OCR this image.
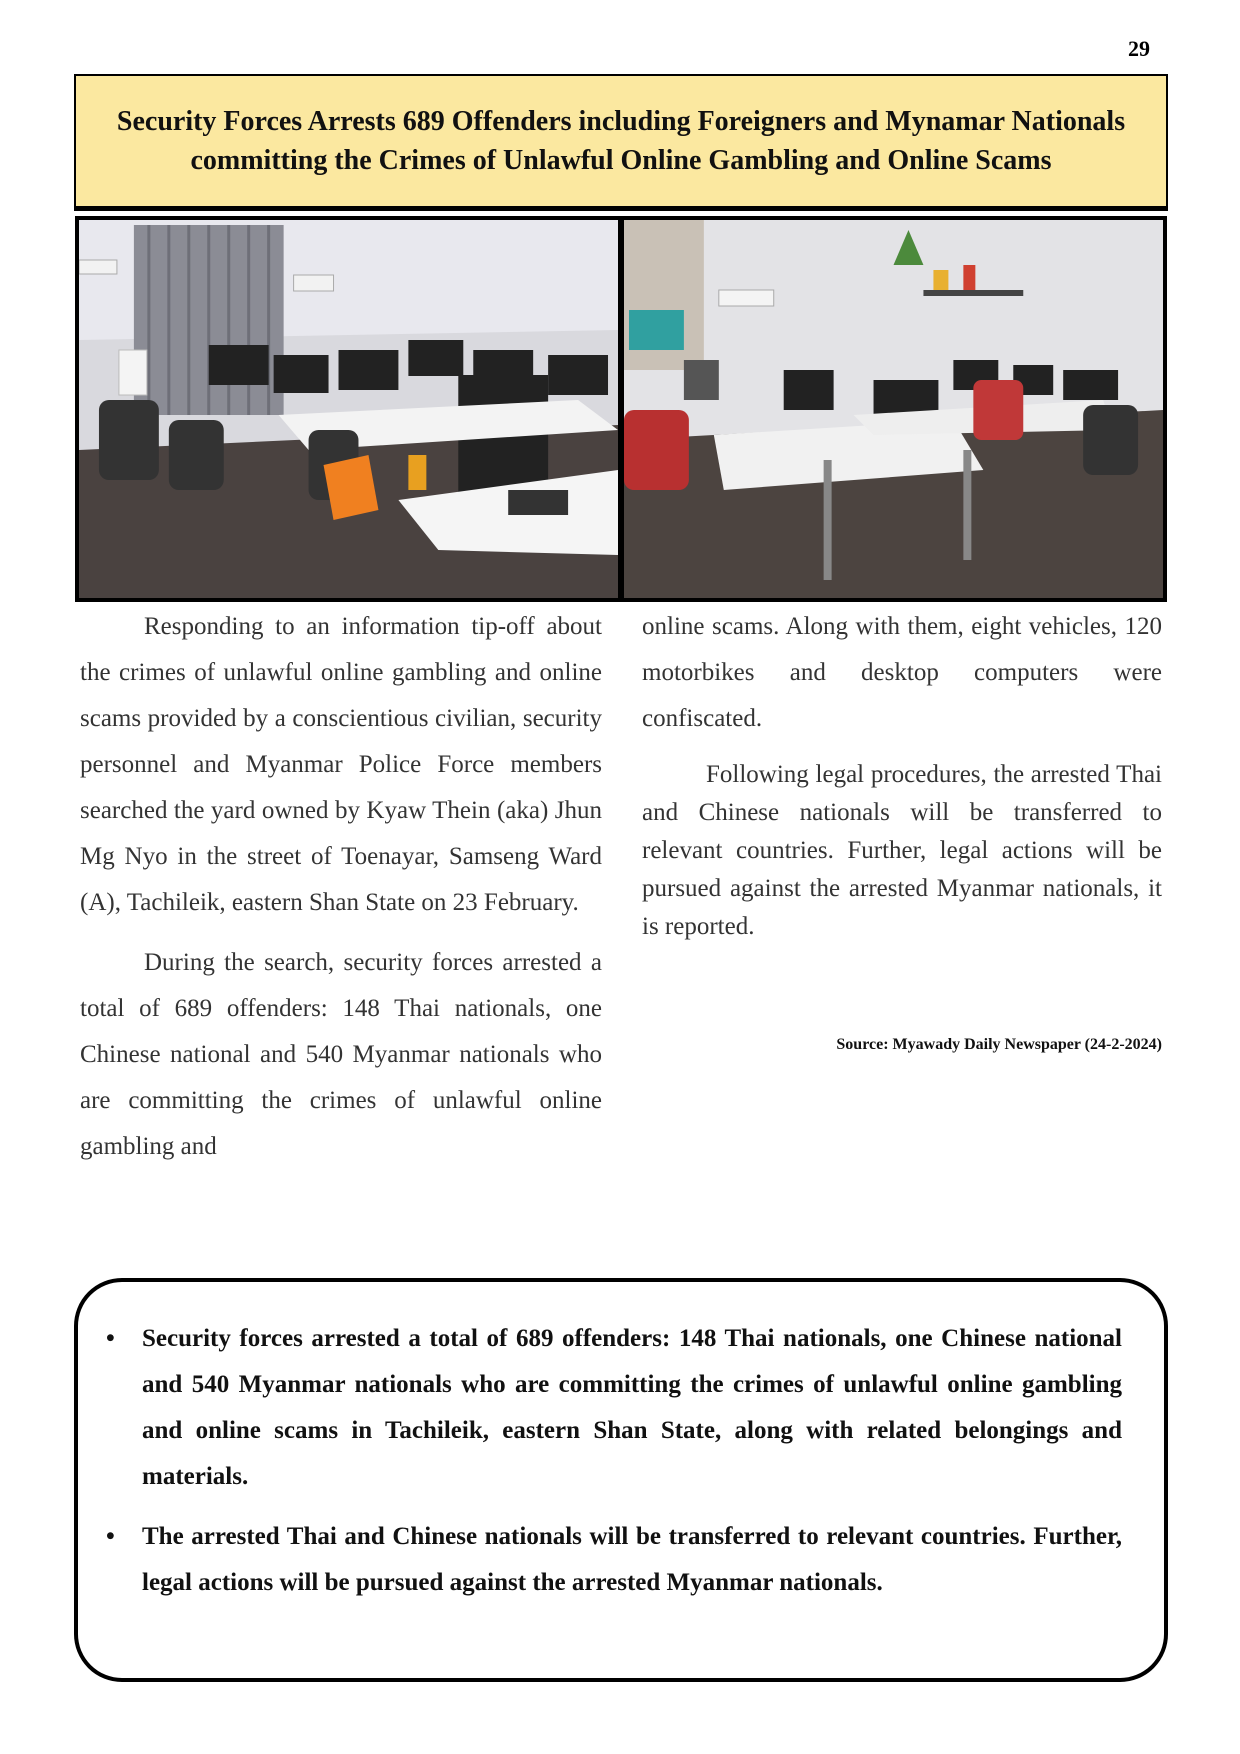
29
Security Forces Arrests 689 Offenders including Foreigners and Mynamar Nationals committing the Crimes of Unlawful Online Gambling and Online Scams

Responding to an information tip-off about the crimes of unlawful online gambling and online scams provided by a conscientious civilian, security personnel and Myanmar Police Force members searched the yard owned by Kyaw Thein (aka) Jhun Mg Nyo in the street of Toenayar, Samseng Ward (A), Tachileik, eastern Shan State on 23 February.

During the search, security forces arrested a total of 689 offenders: 148 Thai nationals, one Chinese national and 540 Myanmar nationals who are committing the crimes of unlawful online gambling and

online scams. Along with them, eight vehicles, 120 motorbikes and desktop computers were confiscated.

Following legal procedures, the arrested Thai and Chinese nationals will be transferred to relevant countries. Further, legal actions will be pursued against the arrested Myanmar nationals, it is reported.

Source: Myawady Daily Newspaper (24-2-2024)
• Security forces arrested a total of 689 offenders: 148 Thai nationals, one Chinese national and 540 Myanmar nationals who are committing the crimes of unlawful online gambling and online scams in Tachileik, eastern Shan State, along with related belongings and materials.
• The arrested Thai and Chinese nationals will be transferred to relevant countries. Further, legal actions will be pursued against the arrested Myanmar nationals.
